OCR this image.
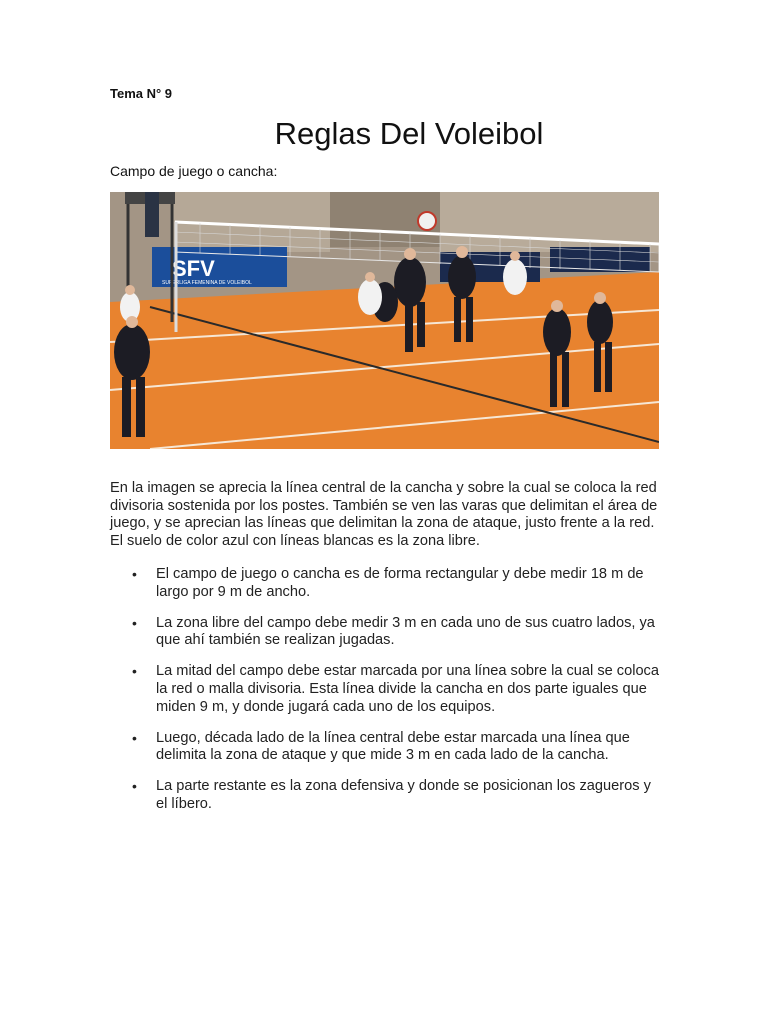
Tema N° 9
Reglas Del Voleibol
Campo de juego o cancha:
SFV
SUPERLIGA FEMENINA DE VOLEIBOL
En la imagen se aprecia la línea central de la cancha y sobre la cual se coloca la red divisoria sostenida por los postes. También se ven las varas que delimitan el área de juego, y se aprecian las líneas que delimitan la zona de ataque, justo frente a la red. El suelo de color azul con líneas blancas es la zona libre.
• El campo de juego o cancha es de forma rectangular y debe medir 18 m de largo por 9 m de ancho.
• La zona libre del campo debe medir 3 m en cada uno de sus cuatro lados, ya que ahí también se realizan jugadas.
• La mitad del campo debe estar marcada por una línea sobre la cual se coloca la red o malla divisoria. Esta línea divide la cancha en dos parte iguales que miden 9 m, y donde jugará cada uno de los equipos.
• Luego, década lado de la línea central debe estar marcada una línea que delimita la zona de ataque y que mide 3 m en cada lado de la cancha.
• La parte restante es la zona defensiva y donde se posicionan los zagueros y el líbero.
